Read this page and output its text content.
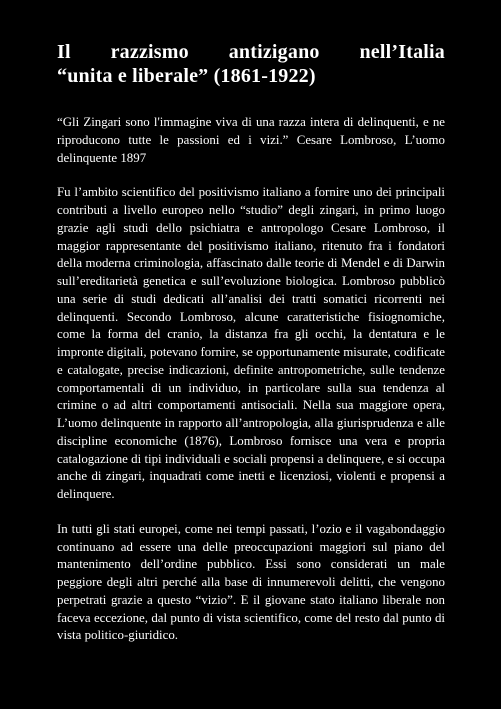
Il razzismo antizigano nell’Italia
“unita e liberale” (1861-1922)

“Gli Zingari sono l'immagine viva di una razza intera di delinquenti, e ne riproducono tutte le passioni ed i vizi.” Cesare Lombroso, L’uomo delinquente 1897

Fu l’ambito scientifico del positivismo italiano a fornire uno dei principali contributi a livello europeo nello “studio” degli zingari, in primo luogo grazie agli studi dello psichiatra e antropologo Cesare Lombroso, il maggior rappresentante del positivismo italiano, ritenuto fra i fondatori della moderna criminologia, affascinato dalle teorie di Mendel e di Darwin sull’ereditarietà genetica e sull’evoluzione biologica. Lombroso pubblicò una serie di studi dedicati all’analisi dei tratti somatici ricorrenti nei delinquenti. Secondo Lombroso, alcune caratteristiche fisiognomiche, come la forma del cranio, la distanza fra gli occhi, la dentatura e le impronte digitali, potevano fornire, se opportunamente misurate, codificate e catalogate, precise indicazioni, definite antropometriche, sulle tendenze comportamentali di un individuo, in particolare sulla sua tendenza al crimine o ad altri comportamenti antisociali. Nella sua maggiore opera, L’uomo delinquente in rapporto all’antropologia, alla giurisprudenza e alle discipline economiche (1876), Lombroso fornisce una vera e propria catalogazione di tipi individuali e sociali propensi a delinquere, e si occupa anche di zingari, inquadrati come inetti e licenziosi, violenti e propensi a delinquere.

In tutti gli stati europei, come nei tempi passati, l’ozio e il vagabondaggio continuano ad essere una delle preoccupazioni maggiori sul piano del mantenimento dell’ordine pubblico. Essi sono considerati un male peggiore degli altri perché alla base di innumerevoli delitti, che vengono perpetrati grazie a questo “vizio”. E il giovane stato italiano liberale non faceva eccezione, dal punto di vista scientifico, come del resto dal punto di vista politico-giuridico.
